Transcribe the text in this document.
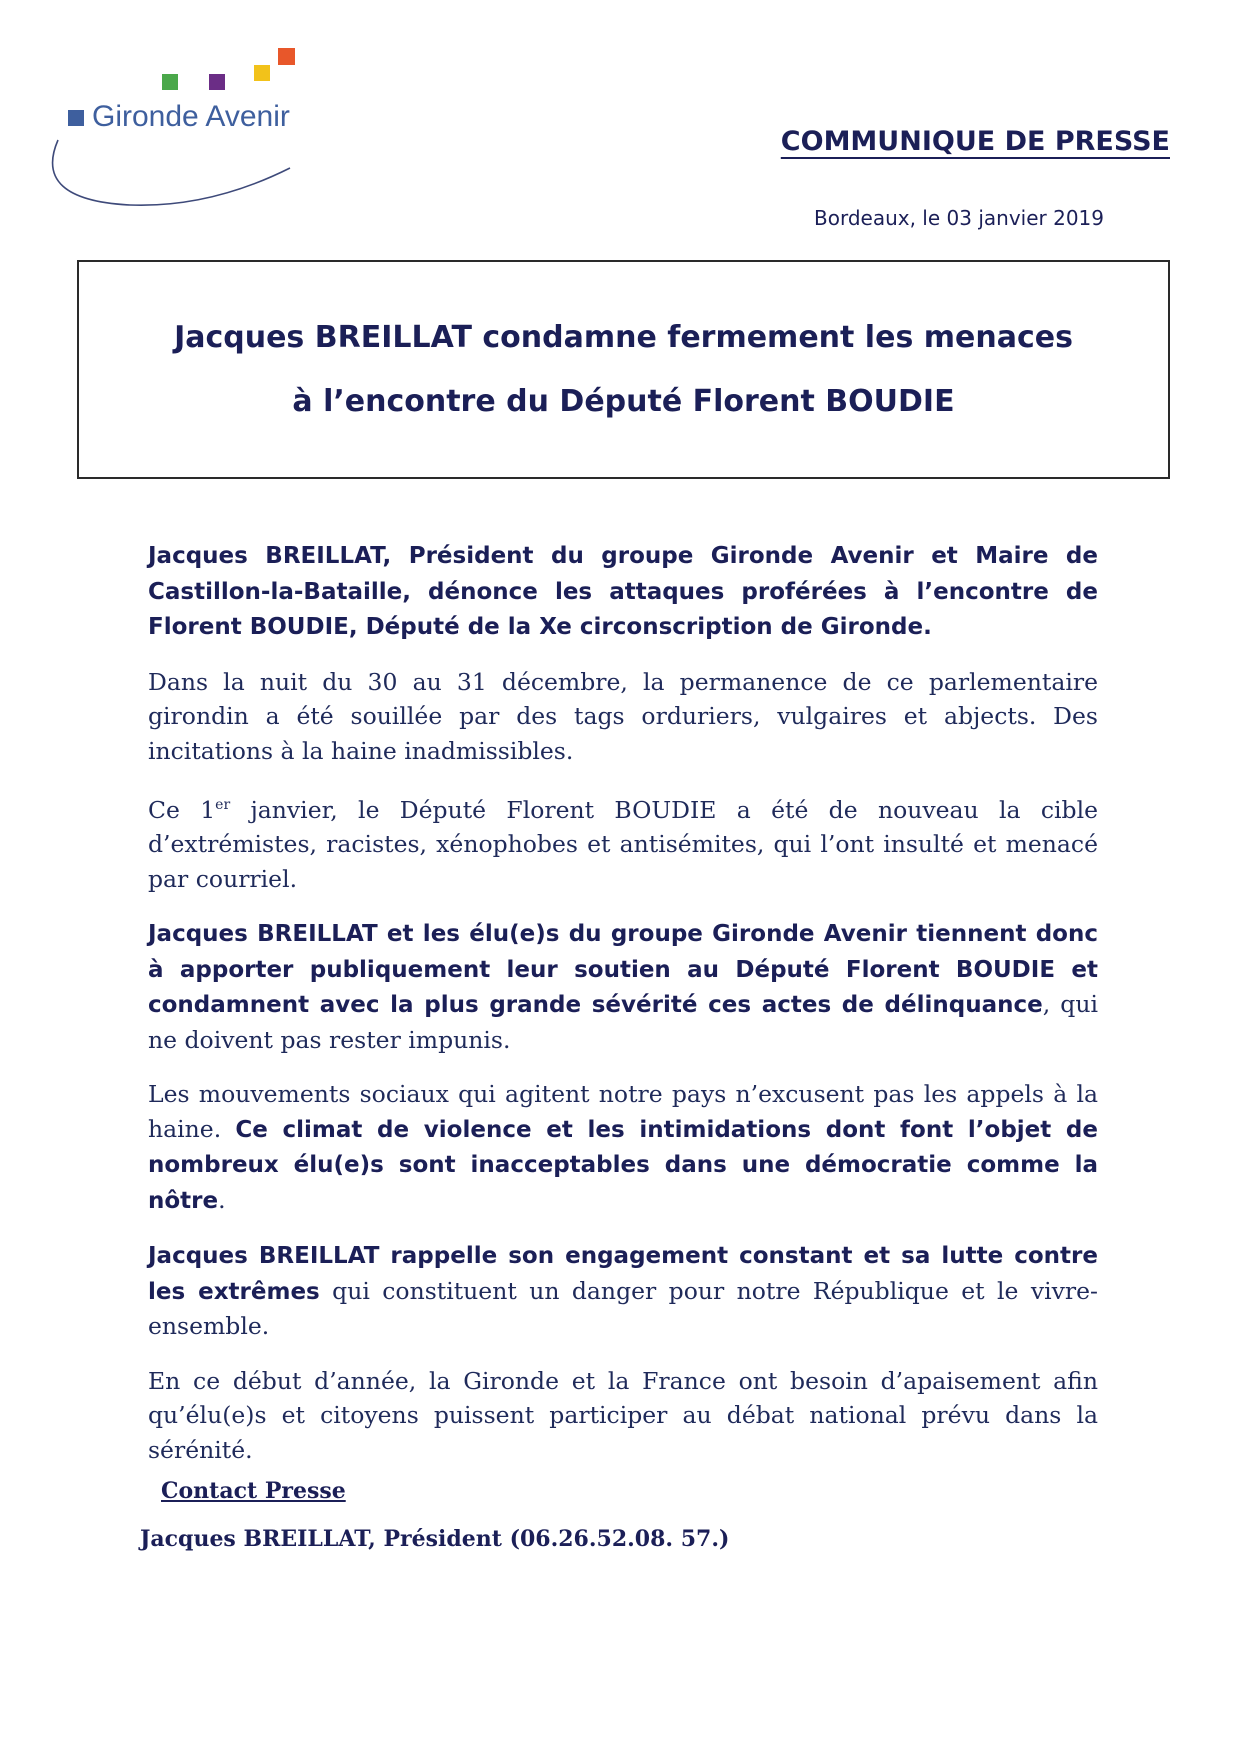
Gironde Avenir
COMMUNIQUE DE PRESSE
Bordeaux, le 03 janvier 2019
Jacques BREILLAT condamne fermement les menaces
à l’encontre du Député Florent BOUDIE

Jacques BREILLAT, Président du groupe Gironde Avenir et Maire de Castillon-la-Bataille, dénonce les attaques proférées à l’encontre de Florent BOUDIE, Député de la Xe circonscription de Gironde.

Dans la nuit du 30 au 31 décembre, la permanence de ce parlementaire girondin a été souillée par des tags orduriers, vulgaires et abjects. Des incitations à la haine inadmissibles.

Ce 1er janvier, le Député Florent BOUDIE a été de nouveau la cible d’extrémistes, racistes, xénophobes et antisémites, qui l’ont insulté et menacé par courriel.

Jacques BREILLAT et les élu(e)s du groupe Gironde Avenir tiennent donc à apporter publiquement leur soutien au Député Florent BOUDIE et condamnent avec la plus grande sévérité ces actes de délinquance, qui ne doivent pas rester impunis.

Les mouvements sociaux qui agitent notre pays n’excusent pas les appels à la haine. Ce climat de violence et les intimidations dont font l’objet de nombreux élu(e)s sont inacceptables dans une démocratie comme la nôtre.

Jacques BREILLAT rappelle son engagement constant et sa lutte contre les extrêmes qui constituent un danger pour notre République et le vivre-ensemble.

En ce début d’année, la Gironde et la France ont besoin d’apaisement afin qu’élu(e)s et citoyens puissent participer au débat national prévu dans la sérénité.

Contact Presse
Jacques BREILLAT, Président (06.26.52.08. 57.)
